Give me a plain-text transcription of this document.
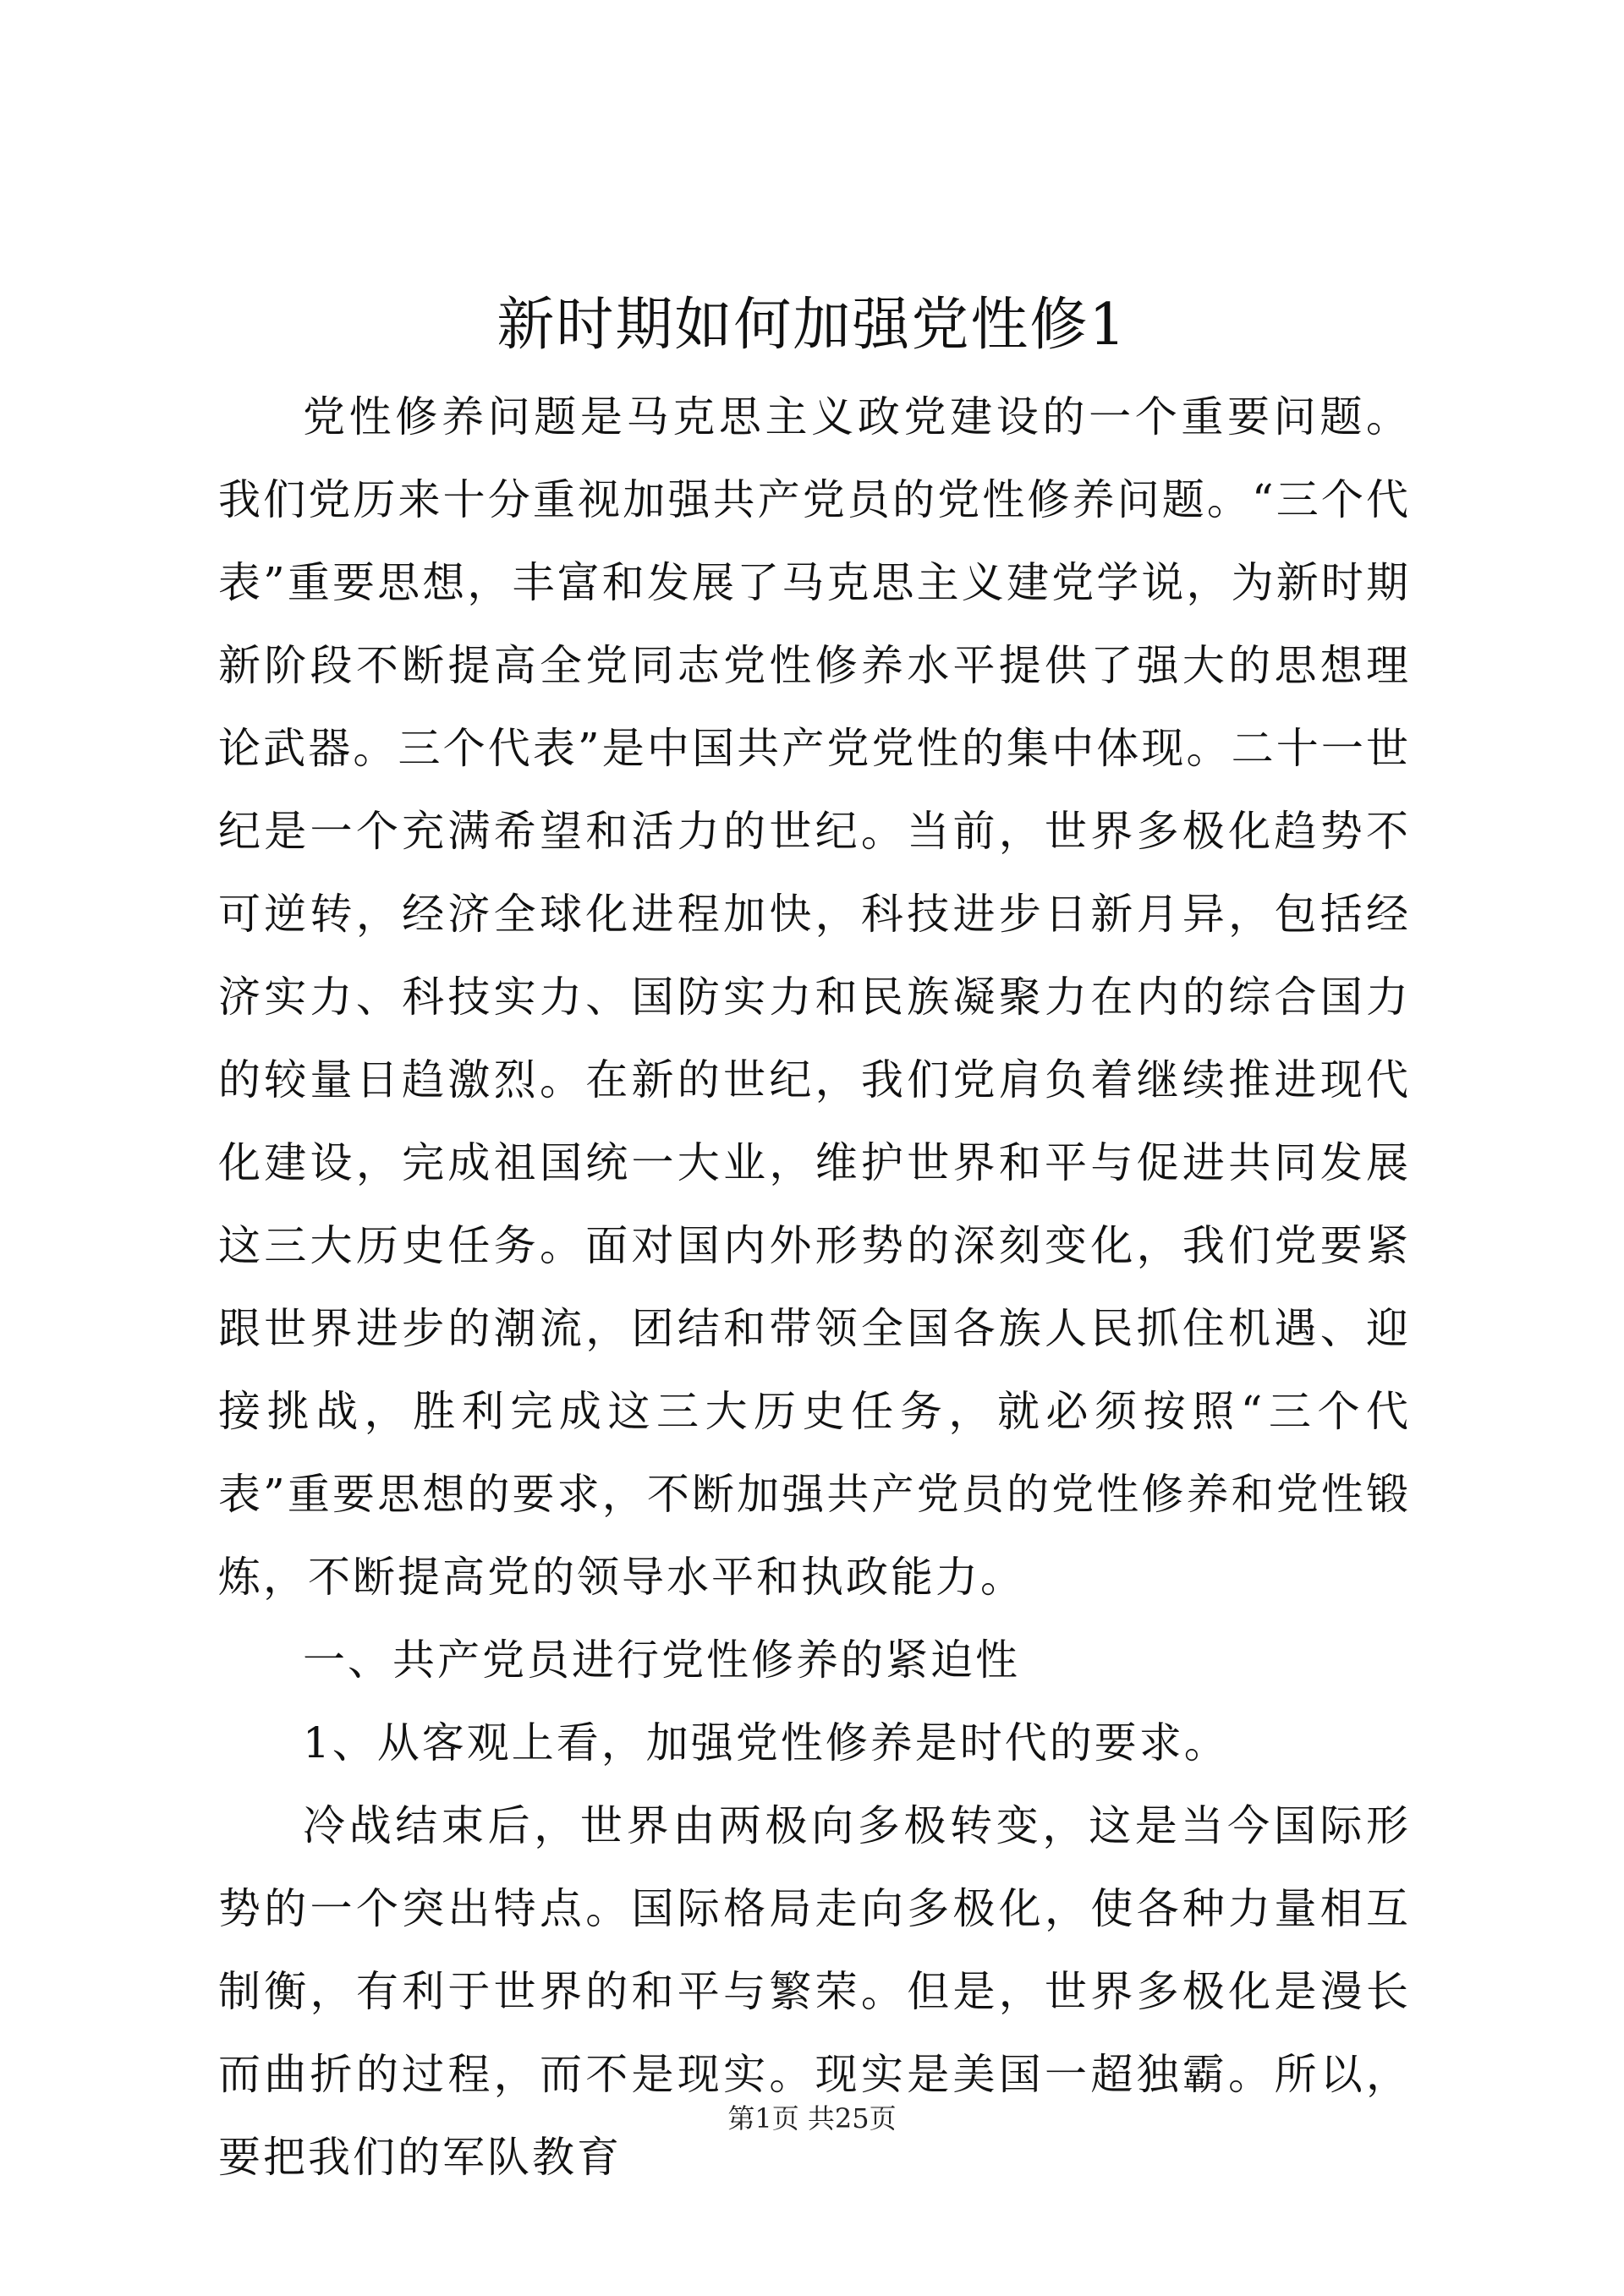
新时期如何加强党性修1

党性修养问题是马克思主义政党建设的一个重要问题。我们党历来十分重视加强共产党员的党性修养问题。“三个代表”重要思想，丰富和发展了马克思主义建党学说，为新时期新阶段不断提高全党同志党性修养水平提供了强大的思想理论武器。三个代表”是中国共产党党性的集中体现。二十一世纪是一个充满希望和活力的世纪。当前，世界多极化趋势不可逆转，经济全球化进程加快，科技进步日新月异，包括经济实力、科技实力、国防实力和民族凝聚力在内的综合国力的较量日趋激烈。在新的世纪，我们党肩负着继续推进现代化建设，完成祖国统一大业，维护世界和平与促进共同发展这三大历史任务。面对国内外形势的深刻变化，我们党要紧跟世界进步的潮流，团结和带领全国各族人民抓住机遇、迎接挑战，胜利完成这三大历史任务，就必须按照“三个代表”重要思想的要求，不断加强共产党员的党性修养和党性锻炼，不断提高党的领导水平和执政能力。

一、共产党员进行党性修养的紧迫性

1、从客观上看，加强党性修养是时代的要求。

冷战结束后，世界由两极向多极转变，这是当今国际形势的一个突出特点。国际格局走向多极化，使各种力量相互制衡，有利于世界的和平与繁荣。但是，世界多极化是漫长而曲折的过程，而不是现实。现实是美国一超独霸。所以，要把我们的军队教育

第1页 共25页
